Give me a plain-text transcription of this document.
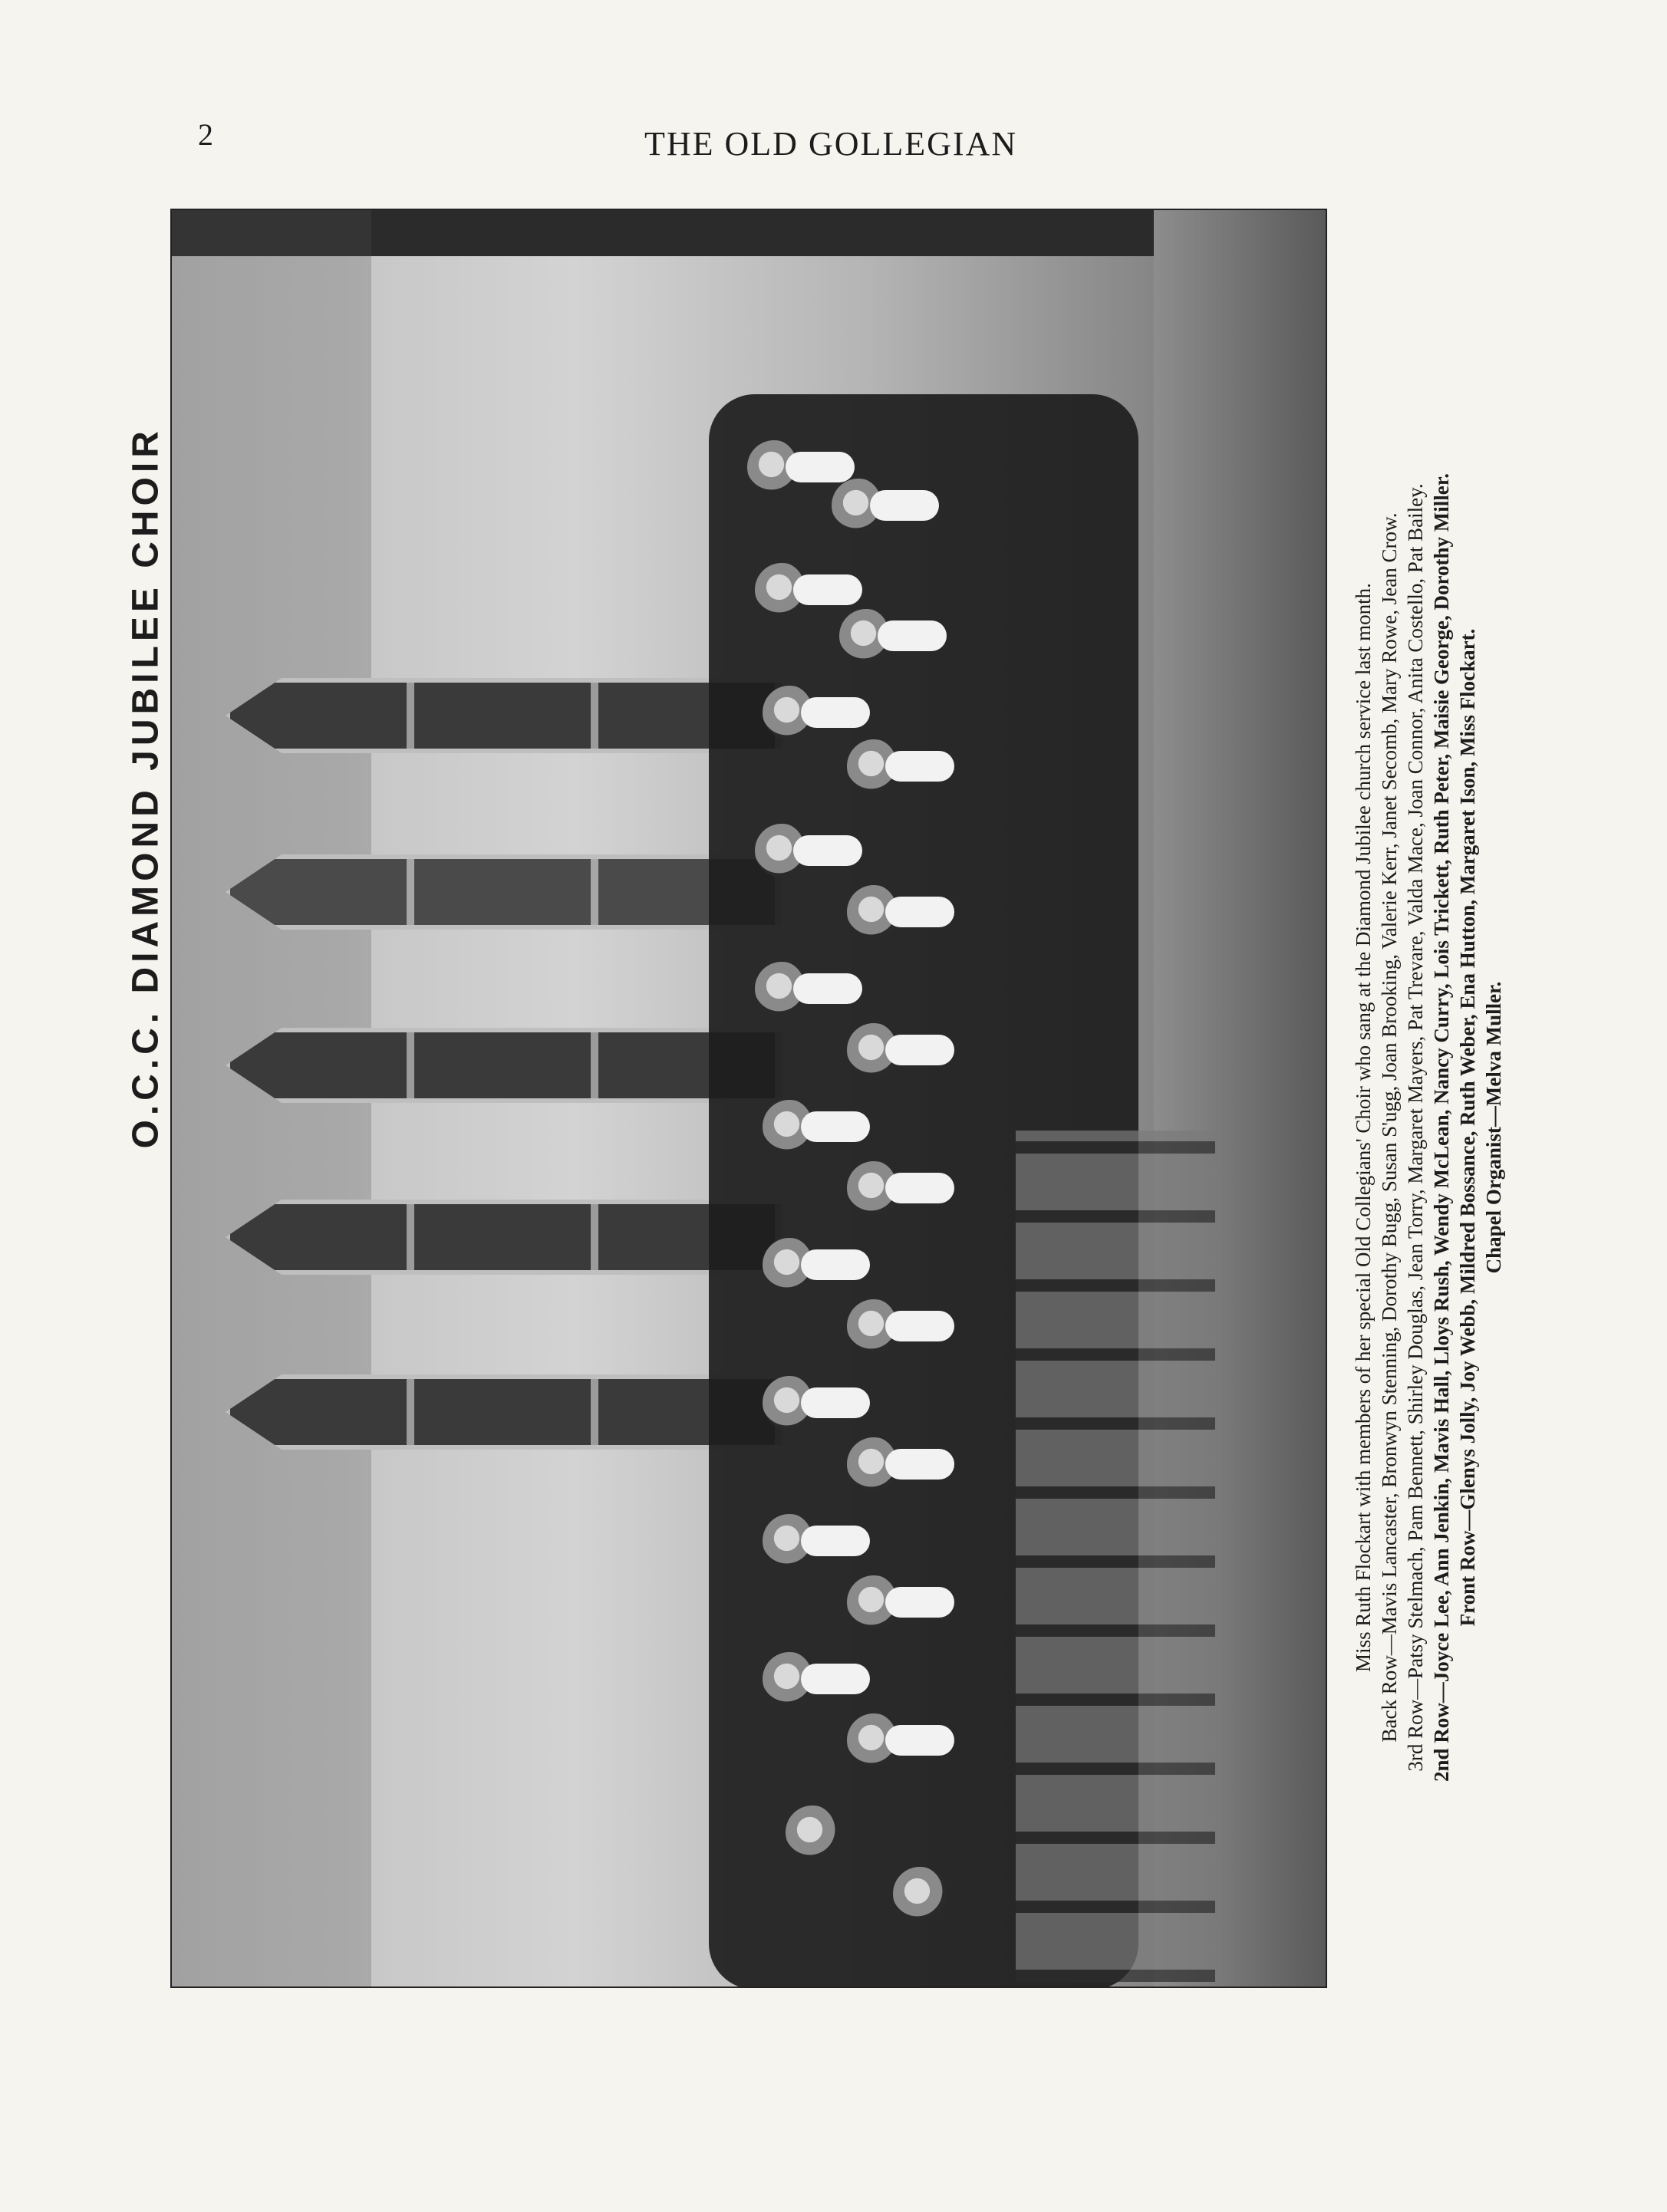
2	THE OLD GOLLEGIAN
O.C.C. DIAMOND JUBILEE CHOIR	Miss Ruth Flockart with members of her special Old Collegians' Choir who sang at the Diamond Jubilee church service last month. Back Row—Mavis Lancaster, Bronwyn Stenning, Dorothy Bugg, Susan S'ugg, Joan Brooking, Valerie Kerr, Janet Secomb, Mary Rowe, Jean Crow. 3rd Row—Patsy Stelmach, Pam Bennett, Shirley Douglas, Jean Torry, Margaret Mayers, Pat Trevare, Valda Mace, Joan Connor, Anita Costello, Pat Bailey. 2nd Row—Joyce Lee, Ann Jenkin, Mavis Hall, Lloys Rush, Wendy McLean, Nancy Curry, Lois Trickett, Ruth Peter, Maisie George, Dorothy Miller. Front Row—Glenys Jolly, Joy Webb, Mildred Bossance, Ruth Weber, Ena Hutton, Margaret Ison, Miss Flockart. Chapel Organist—Melva Muller.
